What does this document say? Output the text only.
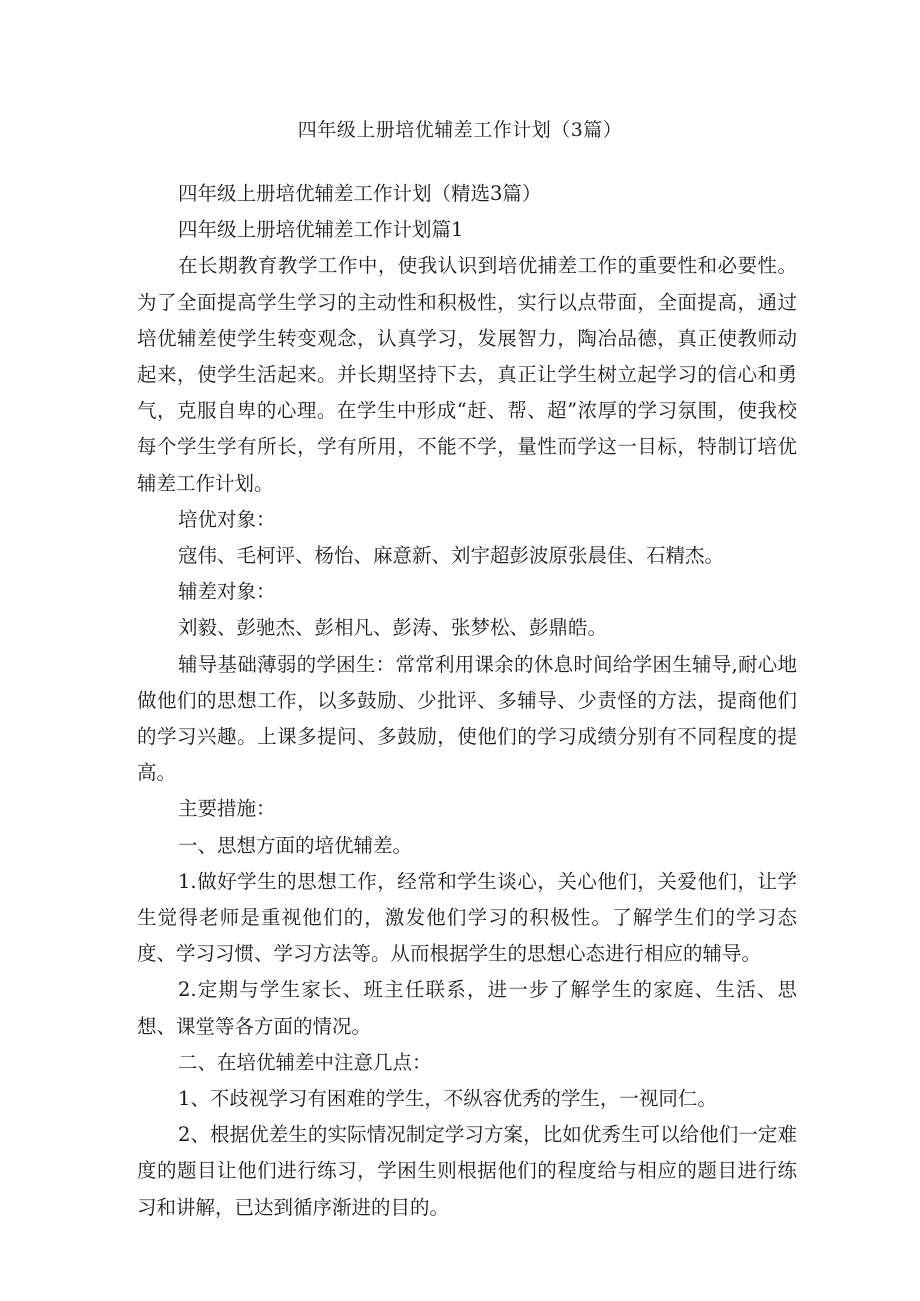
四年级上册培优辅差工作计划（3篇）

四年级上册培优辅差工作计划（精选3篇）

四年级上册培优辅差工作计划篇1

在长期教育教学工作中，使我认识到培优捕差工作的重要性和必要性。为了全面提高学生学习的主动性和积极性，实行以点带面，全面提高，通过培优辅差使学生转变观念，认真学习，发展智力，陶冶品德，真正使教师动起来，使学生活起来。并长期坚持下去，真正让学生树立起学习的信心和勇气，克服自卑的心理。在学生中形成“赶、帮、超”浓厚的学习氛围，使我校每个学生学有所长，学有所用，不能不学，量性而学这一目标，特制订培优辅差工作计划。

培优对象：

寇伟、毛柯评、杨怡、麻意新、刘宇超彭波原张晨佳、石精杰。

辅差对象：

刘毅、彭驰杰、彭相凡、彭涛、张梦松、彭鼎皓。

辅导基础薄弱的学困生：常常利用课余的休息时间给学困生辅导,耐心地做他们的思想工作，以多鼓励、少批评、多辅导、少责怪的方法，提商他们的学习兴趣。上课多提问、多鼓励，使他们的学习成绩分别有不同程度的提高。

主要措施：

一、思想方面的培优辅差。

1.做好学生的思想工作，经常和学生谈心，关心他们，关爱他们，让学生觉得老师是重视他们的，激发他们学习的积极性。了解学生们的学习态度、学习习惯、学习方法等。从而根据学生的思想心态进行相应的辅导。

2.定期与学生家长、班主任联系，进一步了解学生的家庭、生活、思想、课堂等各方面的情况。

二、在培优辅差中注意几点：

1、不歧视学习有困难的学生，不纵容优秀的学生，一视同仁。

2、根据优差生的实际情况制定学习方案，比如优秀生可以给他们一定难度的题目让他们进行练习，学困生则根据他们的程度给与相应的题目进行练习和讲解，已达到循序渐进的目的。
